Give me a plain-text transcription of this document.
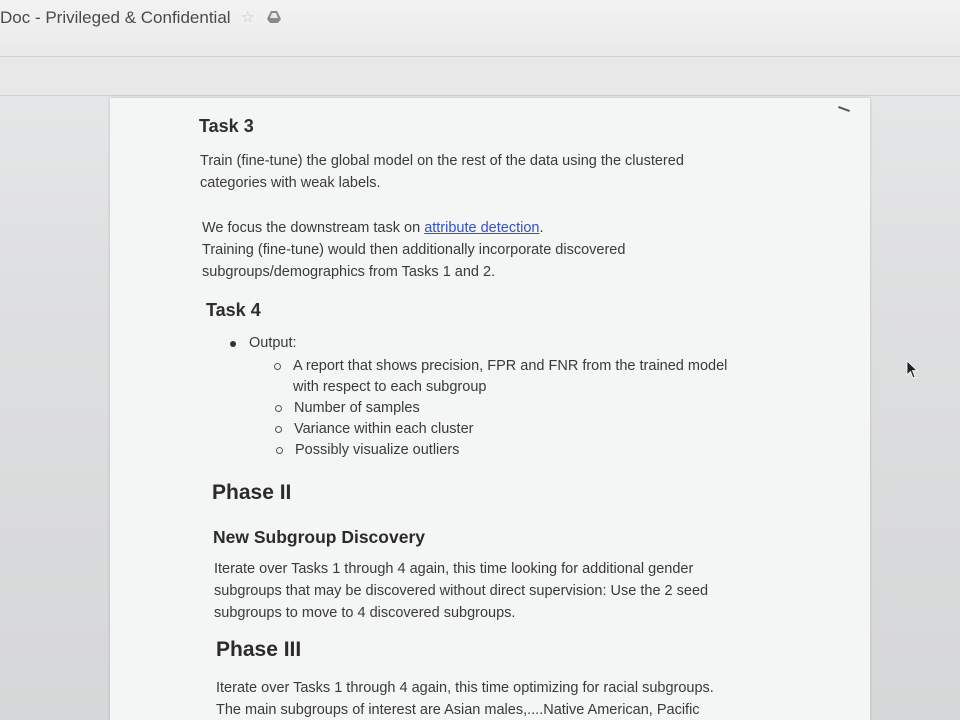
Doc - Privileged & Confidential ☆
Task 3
Train (fine-tune) the global model on the rest of the data using the clustered
categories with weak labels.
We focus the downstream task on attribute detection.
Training (fine-tune) would then additionally incorporate discovered
subgroups/demographics from Tasks 1 and 2.
Task 4
Output:
A report that shows precision, FPR and FNR from the trained model
with respect to each subgroup
Number of samples
Variance within each cluster
Possibly visualize outliers
Phase II
New Subgroup Discovery
Iterate over Tasks 1 through 4 again, this time looking for additional gender
subgroups that may be discovered without direct supervision: Use the 2 seed
subgroups to move to 4 discovered subgroups.
Phase III
Iterate over Tasks 1 through 4 again, this time optimizing for racial subgroups.
The main subgroups of interest are Asian males,....Native American, Pacific
